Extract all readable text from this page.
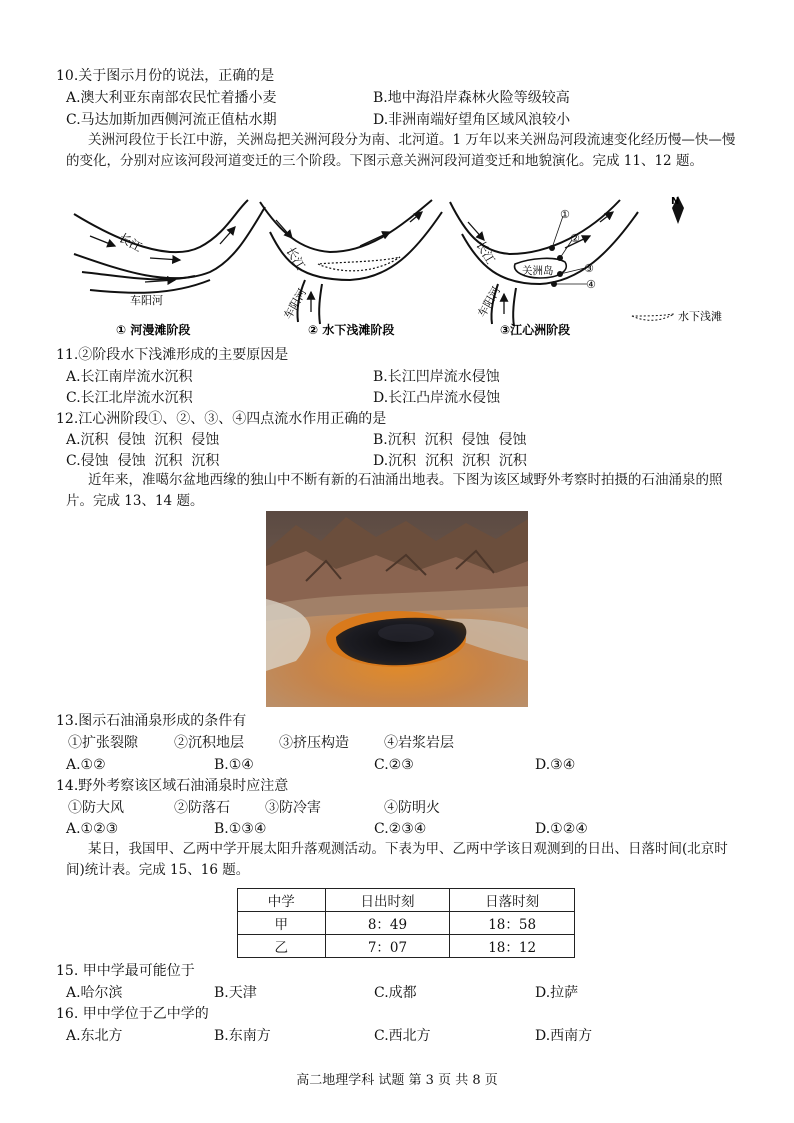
10.关于图示月份的说法，正确的是
A.澳大利亚东南部农民忙着播小麦	B.地中海沿岸森林火险等级较高
C.马达加斯加西侧河流正值枯水期	D.非洲南端好望角区域风浪较小
关洲河段位于长江中游，关洲岛把关洲河段分为南、北河道。1 万年以来关洲岛河段流速变化经历慢—快—慢的变化，分别对应该河段河道变迁的三个阶段。下图示意关洲河段河道变迁和地貌演化。完成 11、12 题。
长江
车阳河
长江
车阳河
①
②
③
④
关洲岛
长江
车阳河
N
水下浅滩
① 河漫滩阶段	② 水下浅滩阶段	③江心洲阶段
11.②阶段水下浅滩形成的主要原因是
A.长江南岸流水沉积	B.长江凹岸流水侵蚀
C.长江北岸流水沉积	D.长江凸岸流水侵蚀
12.江心洲阶段①、②、③、④四点流水作用正确的是
A.沉积  侵蚀  沉积  侵蚀	B.沉积  沉积  侵蚀  侵蚀
C.侵蚀  侵蚀  沉积  沉积	D.沉积  沉积  沉积  沉积
近年来，准噶尔盆地西缘的独山中不断有新的石油涌出地表。下图为该区域野外考察时拍摄的石油涌泉的照片。完成 13、14 题。
13.图示石油涌泉形成的条件有
①扩张裂隙	②沉积地层	③挤压构造	④岩浆岩层
A.①②	B.①④	C.②③	D.③④
14.野外考察该区域石油涌泉时应注意
①防大风	②防落石	③防冷害	④防明火
A.①②③	B.①③④	C.②③④	D.①②④
某日，我国甲、乙两中学开展太阳升落观测活动。下表为甲、乙两中学该日观测到的日出、日落时间(北京时间)统计表。完成 15、16 题。
中学	日出时刻	日落时刻
甲	8：49	18：58
乙	7：07	18：12
15. 甲中学最可能位于
A.哈尔滨	B.天津	C.成都	D.拉萨
16. 甲中学位于乙中学的
A.东北方	B.东南方	C.西北方	D.西南方
高二地理学科 试题 第 3 页 共 8 页
